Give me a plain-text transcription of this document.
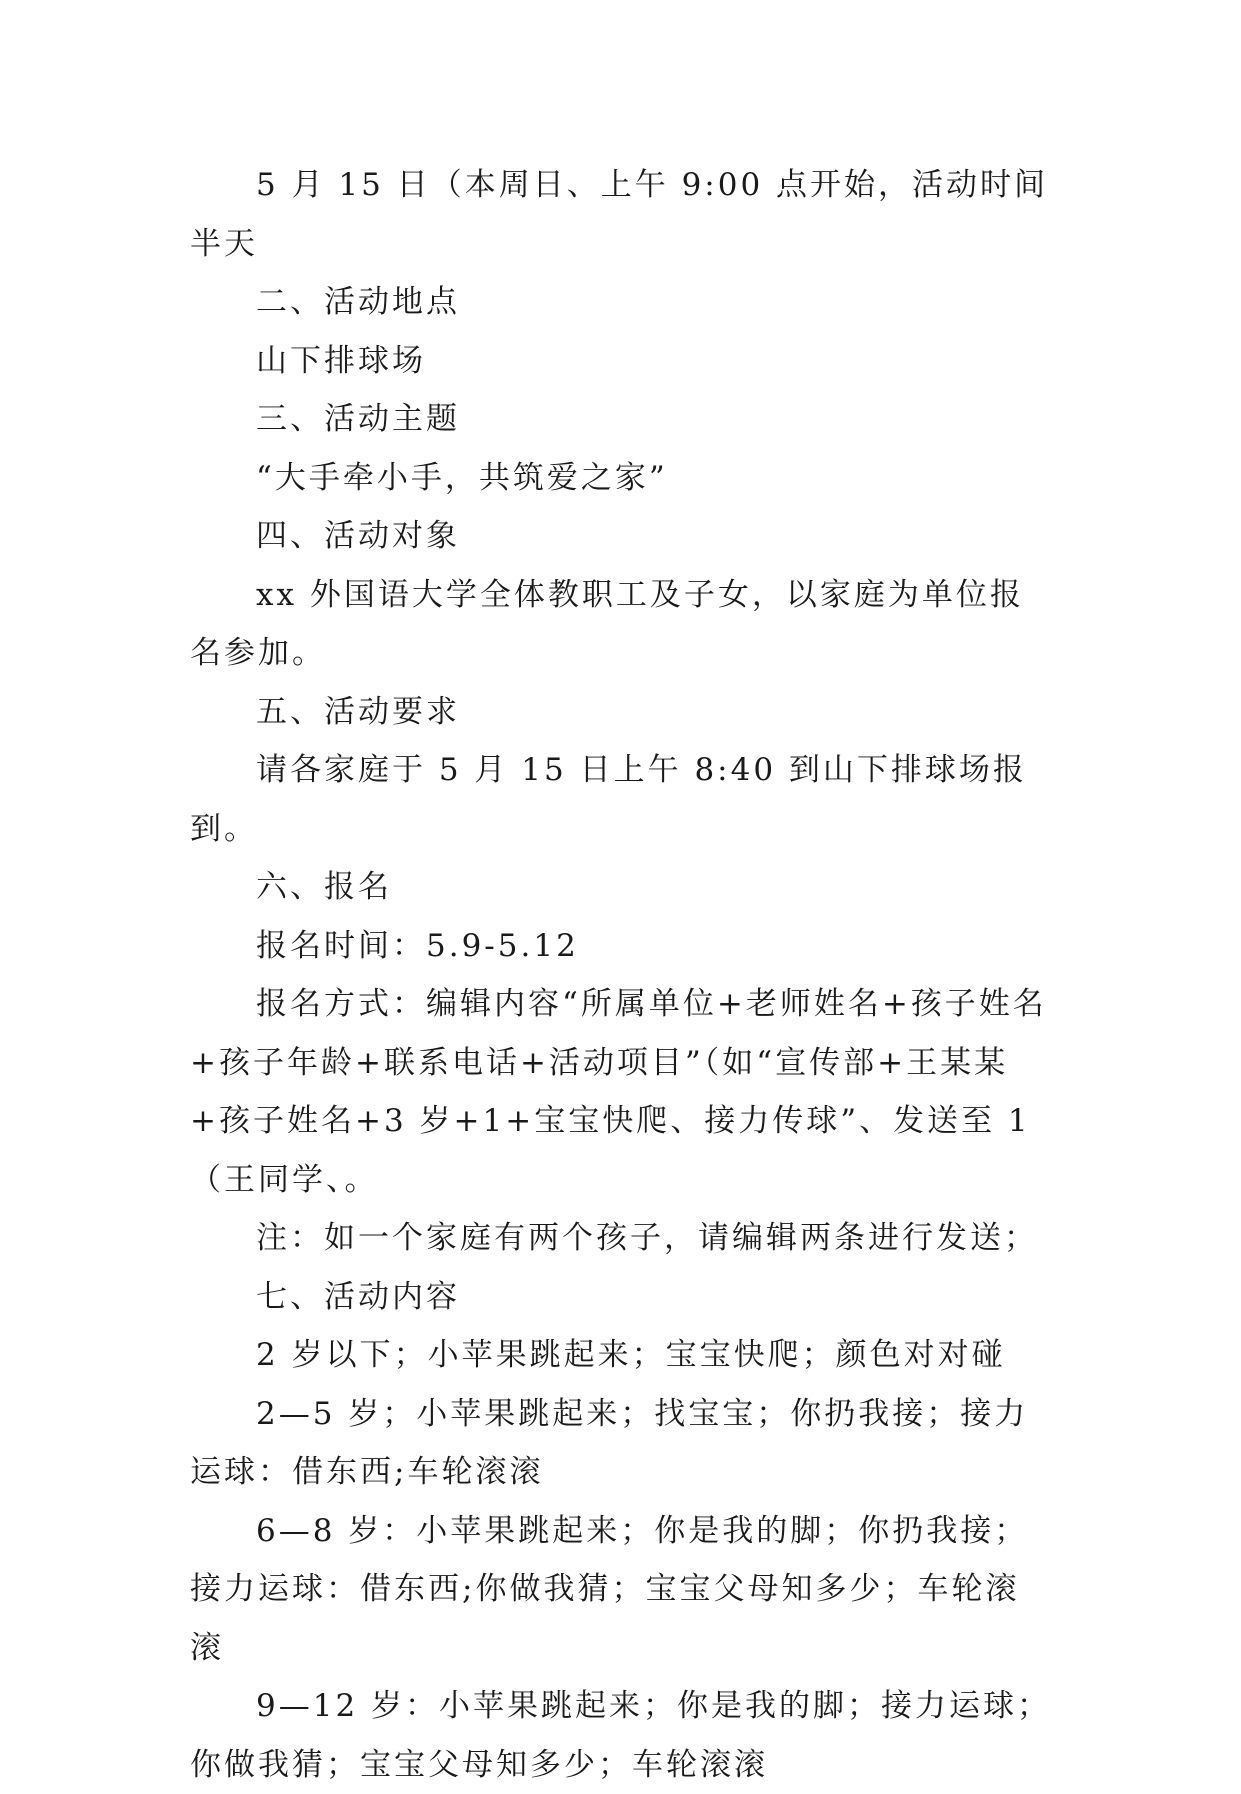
5 月 15 日（本周日、上午 9:00 点开始，活动时间半天

二、活动地点

山下排球场

三、活动主题

“大手牵小手，共筑爱之家”

四、活动对象

xx 外国语大学全体教职工及子女，以家庭为单位报名参加。

五、活动要求

请各家庭于 5 月 15 日上午 8:40 到山下排球场报到。

六、报名

报名时间：5.9-5.12

报名方式：编辑内容“所属单位+老师姓名+孩子姓名+孩子年龄+联系电话+活动项目”（如“宣传部+王某某+孩子姓名+3 岁+1+宝宝快爬、接力传球”、发送至 1（王同学、。

注：如一个家庭有两个孩子，请编辑两条进行发送；

七、活动内容

2 岁以下；小苹果跳起来；宝宝快爬；颜色对对碰

2—5 岁；小苹果跳起来；找宝宝；你扔我接；接力运球：借东西;车轮滚滚

6—8 岁：小苹果跳起来；你是我的脚；你扔我接；接力运球：借东西;你做我猜；宝宝父母知多少；车轮滚滚

9—12 岁：小苹果跳起来；你是我的脚；接力运球；你做我猜；宝宝父母知多少；车轮滚滚
